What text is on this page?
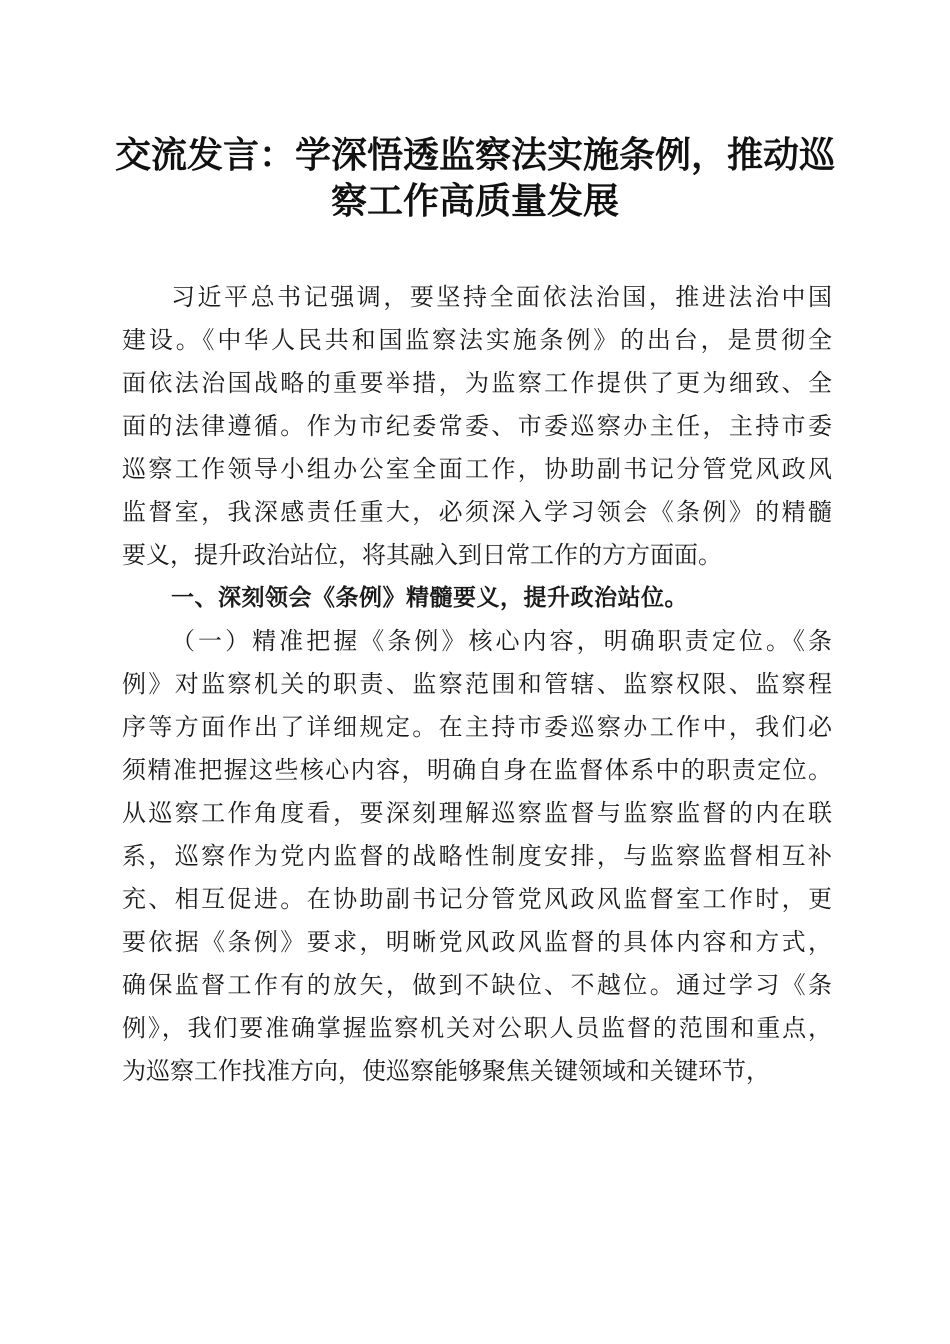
交流发言：学深悟透监察法实施条例，推动巡
察工作高质量发展
习近平总书记强调，要坚持全面依法治国，推进法治中国
建设。《中华人民共和国监察法实施条例》的出台，是贯彻全
面依法治国战略的重要举措，为监察工作提供了更为细致、全
面的法律遵循。作为市纪委常委、市委巡察办主任，主持市委
巡察工作领导小组办公室全面工作，协助副书记分管党风政风
监督室，我深感责任重大，必须深入学习领会《条例》的精髓
要义，提升政治站位，将其融入到日常工作的方方面面。
一、深刻领会《条例》精髓要义，提升政治站位。
（一）精准把握《条例》核心内容，明确职责定位。《条
例》对监察机关的职责、监察范围和管辖、监察权限、监察程
序等方面作出了详细规定。在主持市委巡察办工作中，我们必
须精准把握这些核心内容，明确自身在监督体系中的职责定位。
从巡察工作角度看，要深刻理解巡察监督与监察监督的内在联
系，巡察作为党内监督的战略性制度安排，与监察监督相互补
充、相互促进。在协助副书记分管党风政风监督室工作时，更
要依据《条例》要求，明晰党风政风监督的具体内容和方式，
确保监督工作有的放矢，做到不缺位、不越位。通过学习《条
例》，我们要准确掌握监察机关对公职人员监督的范围和重点，
为巡察工作找准方向，使巡察能够聚焦关键领域和关键环节，
